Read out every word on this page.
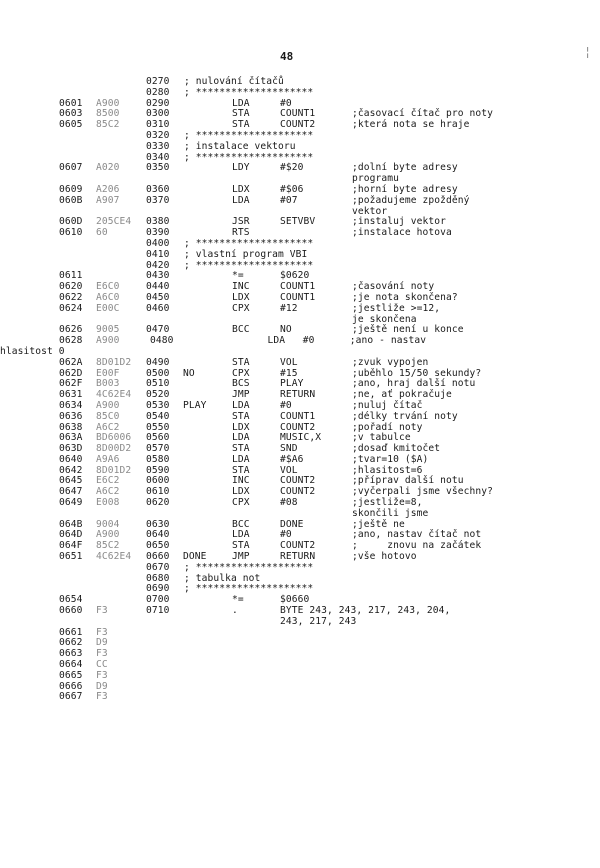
48	¦
0270 ; nulování čítačů
0280 ; ********************
0601 A900	0290	LDA	#0
0603 8500	0300	STA	COUNT1	;časovací čítač pro noty
0605 85C2	0310	STA	COUNT2	;která nota se hraje
0320 ; ********************
0330 ; instalace vektoru
0340 ; ********************
0607 A020	0350	LDY	#$20	;dolní byte adresy
programu
0609 A206	0360	LDX	#$06	;horní byte adresy
060B A907	0370	LDA	#07	;požadujeme zpožděný
vektor
060D 205CE4 0380	JSR	SETVBV	;instaluj vektor
0610 60	0390	RTS	;instalace hotova
0400 ; ********************
0410 ; vlastní program VBI
0420 ; ********************
0611	0430	*=	$0620
0620 E6C0	0440	INC	COUNT1	;časování noty
0622 A6C0	0450	LDX	COUNT1	;je nota skončena?
0624 E00C	0460	CPX	#12	;jestliže >=12,
je skončena
0626 9005	0470	BCC	NO	;ještě není u konce
0628 A900	0480                LDA   #0      ;ano - nastav
hlasitost 0
062A 8D01D2 0490	STA	VOL	;zvuk vypojen
062D E00F	0500 NO	CPX	#15	;uběhlo 15/50 sekundy?
062F B003	0510	BCS	PLAY	;ano, hraj další notu
0631 4C62E4 0520	JMP	RETURN	;ne, ať pokračuje
0634 A900	0530 PLAY	LDA	#0	;nuluj čítač
0636 85C0	0540	STA	COUNT1	;délky trvání noty
0638 A6C2	0550	LDX	COUNT2	;pořadí noty
063A BD6006 0560	LDA	MUSIC,X	;v tabulce
063D 8D00D2 0570	STA	SND	;dosaď kmitočet
0640 A9A6	0580	LDA	#$A6	;tvar=10 ($A)
0642 8D01D2 0590	STA	VOL	;hlasitost=6
0645 E6C2	0600	INC	COUNT2	;příprav další notu
0647 A6C2	0610	LDX	COUNT2	;vyčerpali jsme všechny?
0649 E008	0620	CPX	#08	;jestliže=8,
skončili jsme
064B 9004	0630	BCC	DONE	;ještě ne
064D A900	0640	LDA	#0	;ano, nastav čítač not
064F 85C2	0650	STA	COUNT2	;     znovu na začátek
0651 4C62E4 0660 DONE	JMP	RETURN	;vše hotovo
0670 ; ********************
0680 ; tabulka not
0690 ; ********************
0654	0700	*=	$0660
0660 F3	0710	.	BYTE 243, 243, 217, 243, 204,
243, 217, 243
0661 F3
0662 D9
0663 F3
0664 CC
0665 F3
0666 D9
0667 F3
